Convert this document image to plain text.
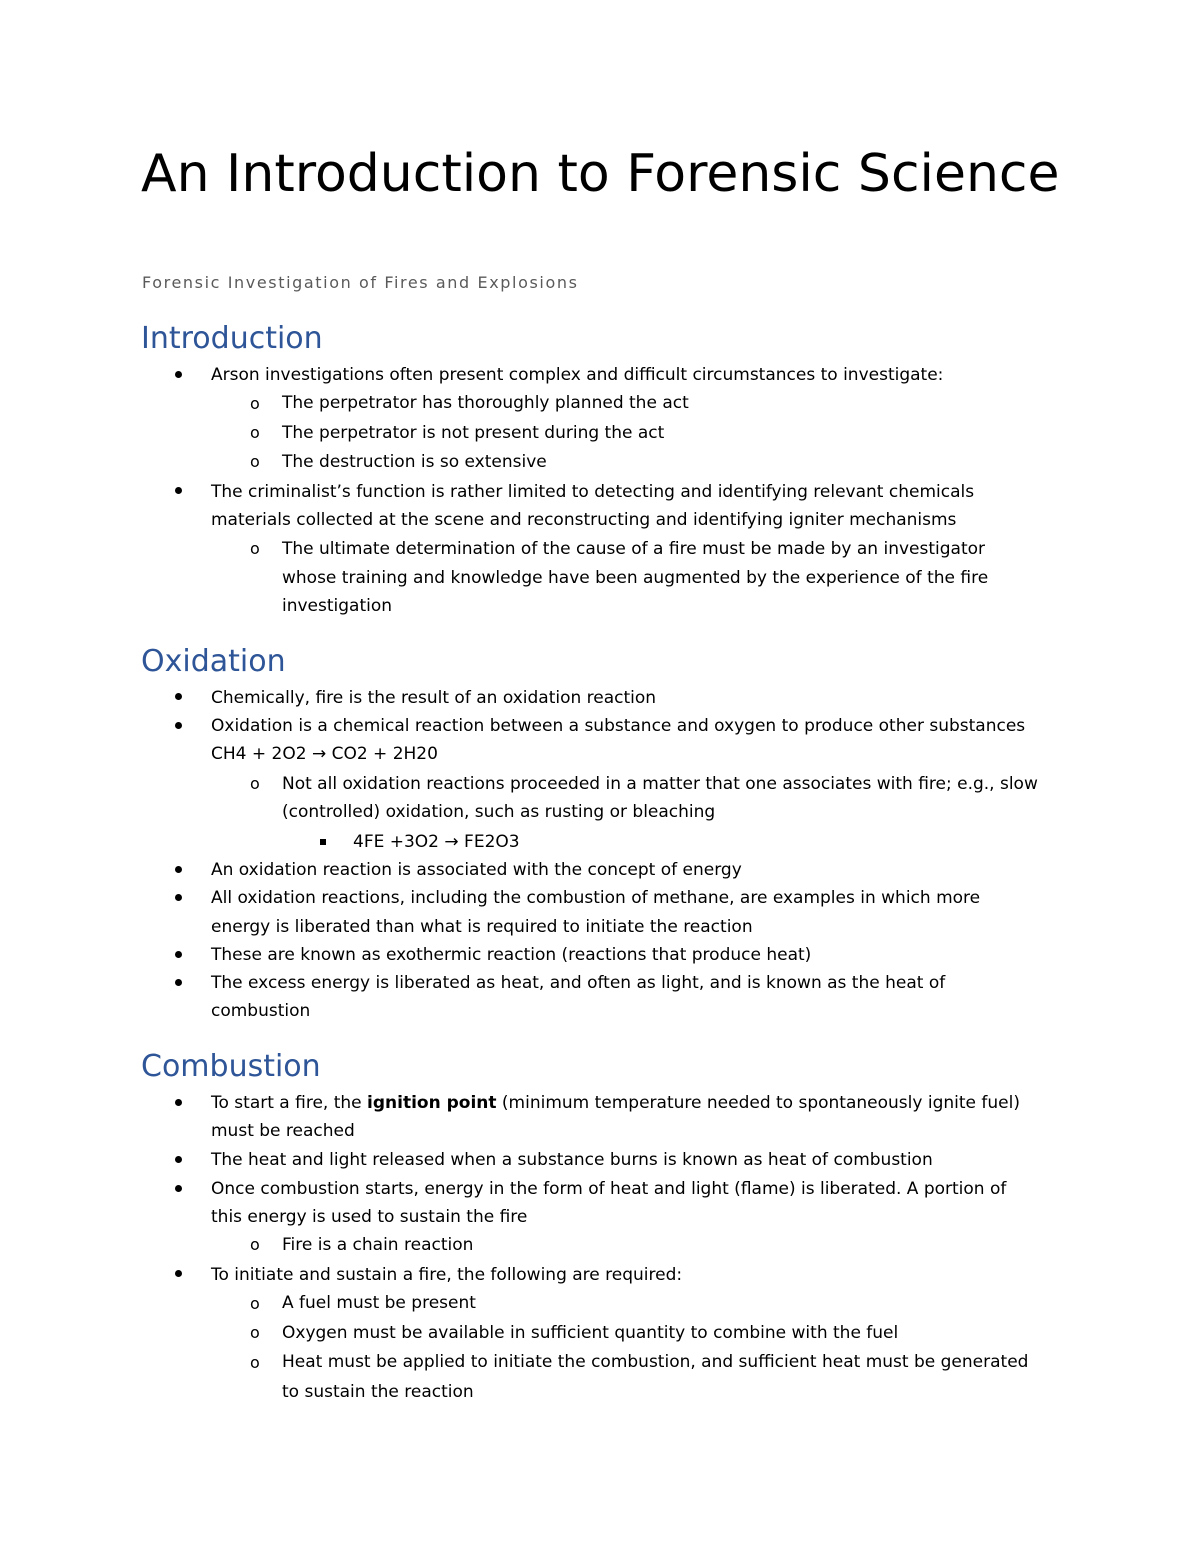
An Introduction to Forensic Science

Forensic Investigation of Fires and Explosions

Introduction
Arson investigations often present complex and difficult circumstances to investigate:
o The perpetrator has thoroughly planned the act
o The perpetrator is not present during the act
o The destruction is so extensive
The criminalist’s function is rather limited to detecting and identifying relevant chemicals
materials collected at the scene and reconstructing and identifying igniter mechanisms
o The ultimate determination of the cause of a fire must be made by an investigator
whose training and knowledge have been augmented by the experience of the fire
investigation
Oxidation
Chemically, fire is the result of an oxidation reaction
Oxidation is a chemical reaction between a substance and oxygen to produce other substances
CH4 + 2O2 → CO2 + 2H20
o Not all oxidation reactions proceeded in a matter that one associates with fire; e.g., slow
(controlled) oxidation, such as rusting or bleaching
4FE +3O2 → FE2O3
An oxidation reaction is associated with the concept of energy
All oxidation reactions, including the combustion of methane, are examples in which more
energy is liberated than what is required to initiate the reaction
These are known as exothermic reaction (reactions that produce heat)
The excess energy is liberated as heat, and often as light, and is known as the heat of
combustion
Combustion
To start a fire, the ignition point (minimum temperature needed to spontaneously ignite fuel)
must be reached
The heat and light released when a substance burns is known as heat of combustion
Once combustion starts, energy in the form of heat and light (flame) is liberated. A portion of
this energy is used to sustain the fire
o Fire is a chain reaction
To initiate and sustain a fire, the following are required:
o A fuel must be present
o Oxygen must be available in sufficient quantity to combine with the fuel
o Heat must be applied to initiate the combustion, and sufficient heat must be generated
to sustain the reaction
